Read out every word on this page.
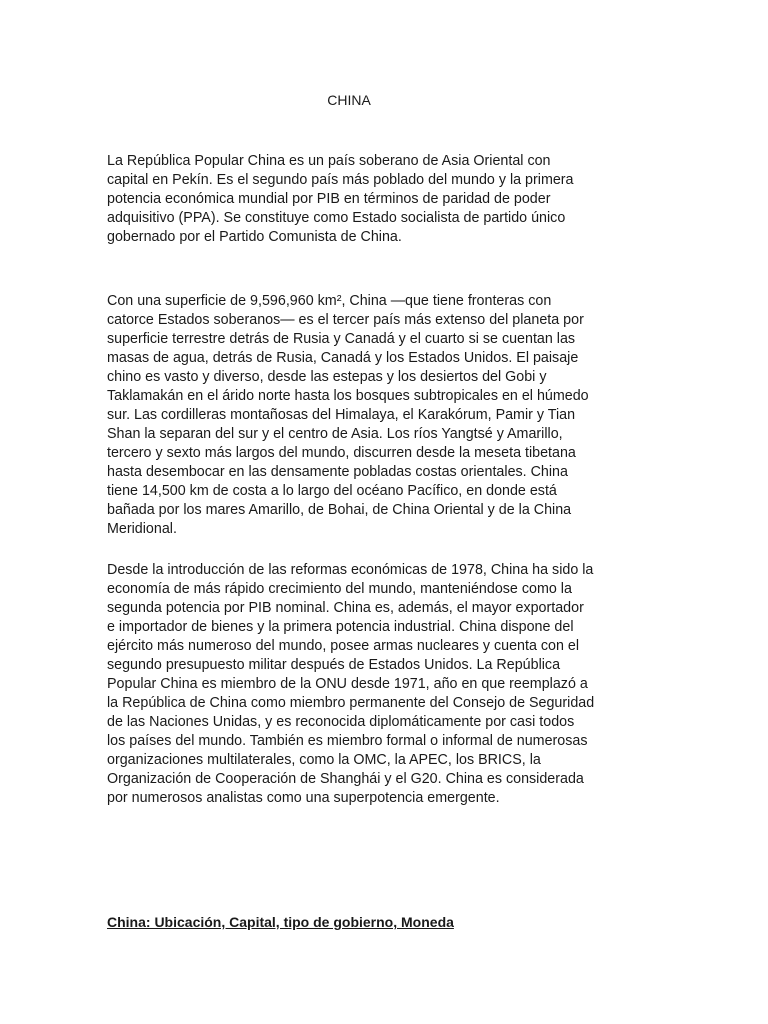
CHINA

La República Popular China es un país soberano de Asia Oriental con capital en Pekín. Es el segundo país más poblado del mundo y la primera potencia económica mundial por PIB en términos de paridad de poder adquisitivo (PPA). Se constituye como Estado socialista de partido único gobernado por el Partido Comunista de China.

Con una superficie de 9,596,960 km², China —que tiene fronteras con catorce Estados soberanos— es el tercer país más extenso del planeta por superficie terrestre detrás de Rusia y Canadá y el cuarto si se cuentan las masas de agua, detrás de Rusia, Canadá y los Estados Unidos. El paisaje chino es vasto y diverso, desde las estepas y los desiertos del Gobi y Taklamakán en el árido norte hasta los bosques subtropicales en el húmedo sur. Las cordilleras montañosas del Himalaya, el Karakórum, Pamir y Tian Shan la separan del sur y el centro de Asia. Los ríos Yangtsé y Amarillo, tercero y sexto más largos del mundo, discurren desde la meseta tibetana hasta desembocar en las densamente pobladas costas orientales. China tiene 14,500 km de costa a lo largo del océano Pacífico, en donde está bañada por los mares Amarillo, de Bohai, de China Oriental y de la China Meridional.

Desde la introducción de las reformas económicas de 1978, China ha sido la economía de más rápido crecimiento del mundo, manteniéndose como la segunda potencia por PIB nominal. China es, además, el mayor exportador e importador de bienes y la primera potencia industrial. China dispone del ejército más numeroso del mundo, posee armas nucleares y cuenta con el segundo presupuesto militar después de Estados Unidos. La República Popular China es miembro de la ONU desde 1971, año en que reemplazó a la República de China como miembro permanente del Consejo de Seguridad de las Naciones Unidas, y es reconocida diplomáticamente por casi todos los países del mundo. También es miembro formal o informal de numerosas organizaciones multilaterales, como la OMC, la APEC, los BRICS, la Organización de Cooperación de Shanghái y el G20. China es considerada por numerosos analistas como una superpotencia emergente.

China: Ubicación, Capital, tipo de gobierno, Moneda
